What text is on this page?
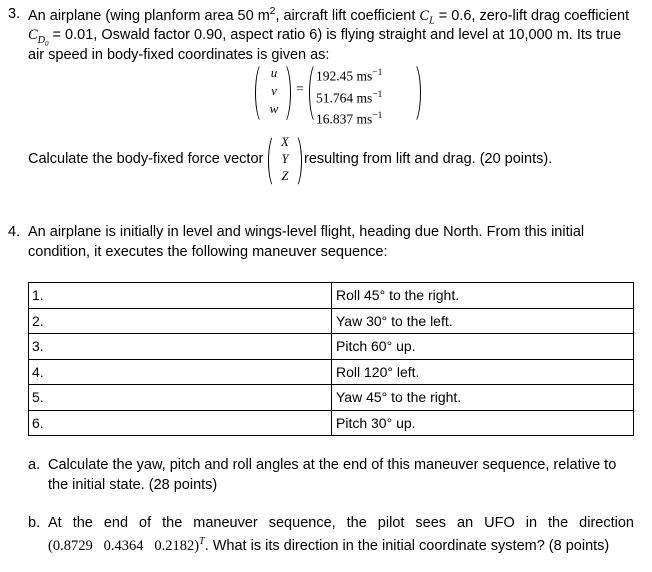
3. An airplane (wing planform area 50 $m^2$, aircraft lift coefficient $C_L = 0.6$, zero-lift drag coefficient
$C_{D_0} = 0.01$, Oswald factor 0.90, aspect ratio 6) is flying straight and level at 10,000 m. Its true
air speed in body-fixed coordinates is given as:
u
v
w
=
192.45 $ms^{-1}$
51.764 $ms^{-1}$
16.837 $ms^{-1}$
Calculate the body-fixed force vector
X
Y
Z
resulting from lift and drag. (20 points).
4. An airplane is initially in level and wings-level flight, heading due North. From this initial
condition, it executes the following maneuver sequence:
1.	Roll 45° to the right.
2.	Yaw 30° to the left.
3.	Pitch 60° up.
4.	Roll 120° left.
5.	Yaw 45° to the right.
6.	Pitch 30° up.
a. Calculate the yaw, pitch and roll angles at the end of this maneuver sequence, relative to
the initial state. (28 points)
b. At the end of the maneuver sequence, the pilot sees an UFO in the direction
(0.8729   0.4364   0.2182)$^T$. What is its direction in the initial coordinate system? (8 points)
